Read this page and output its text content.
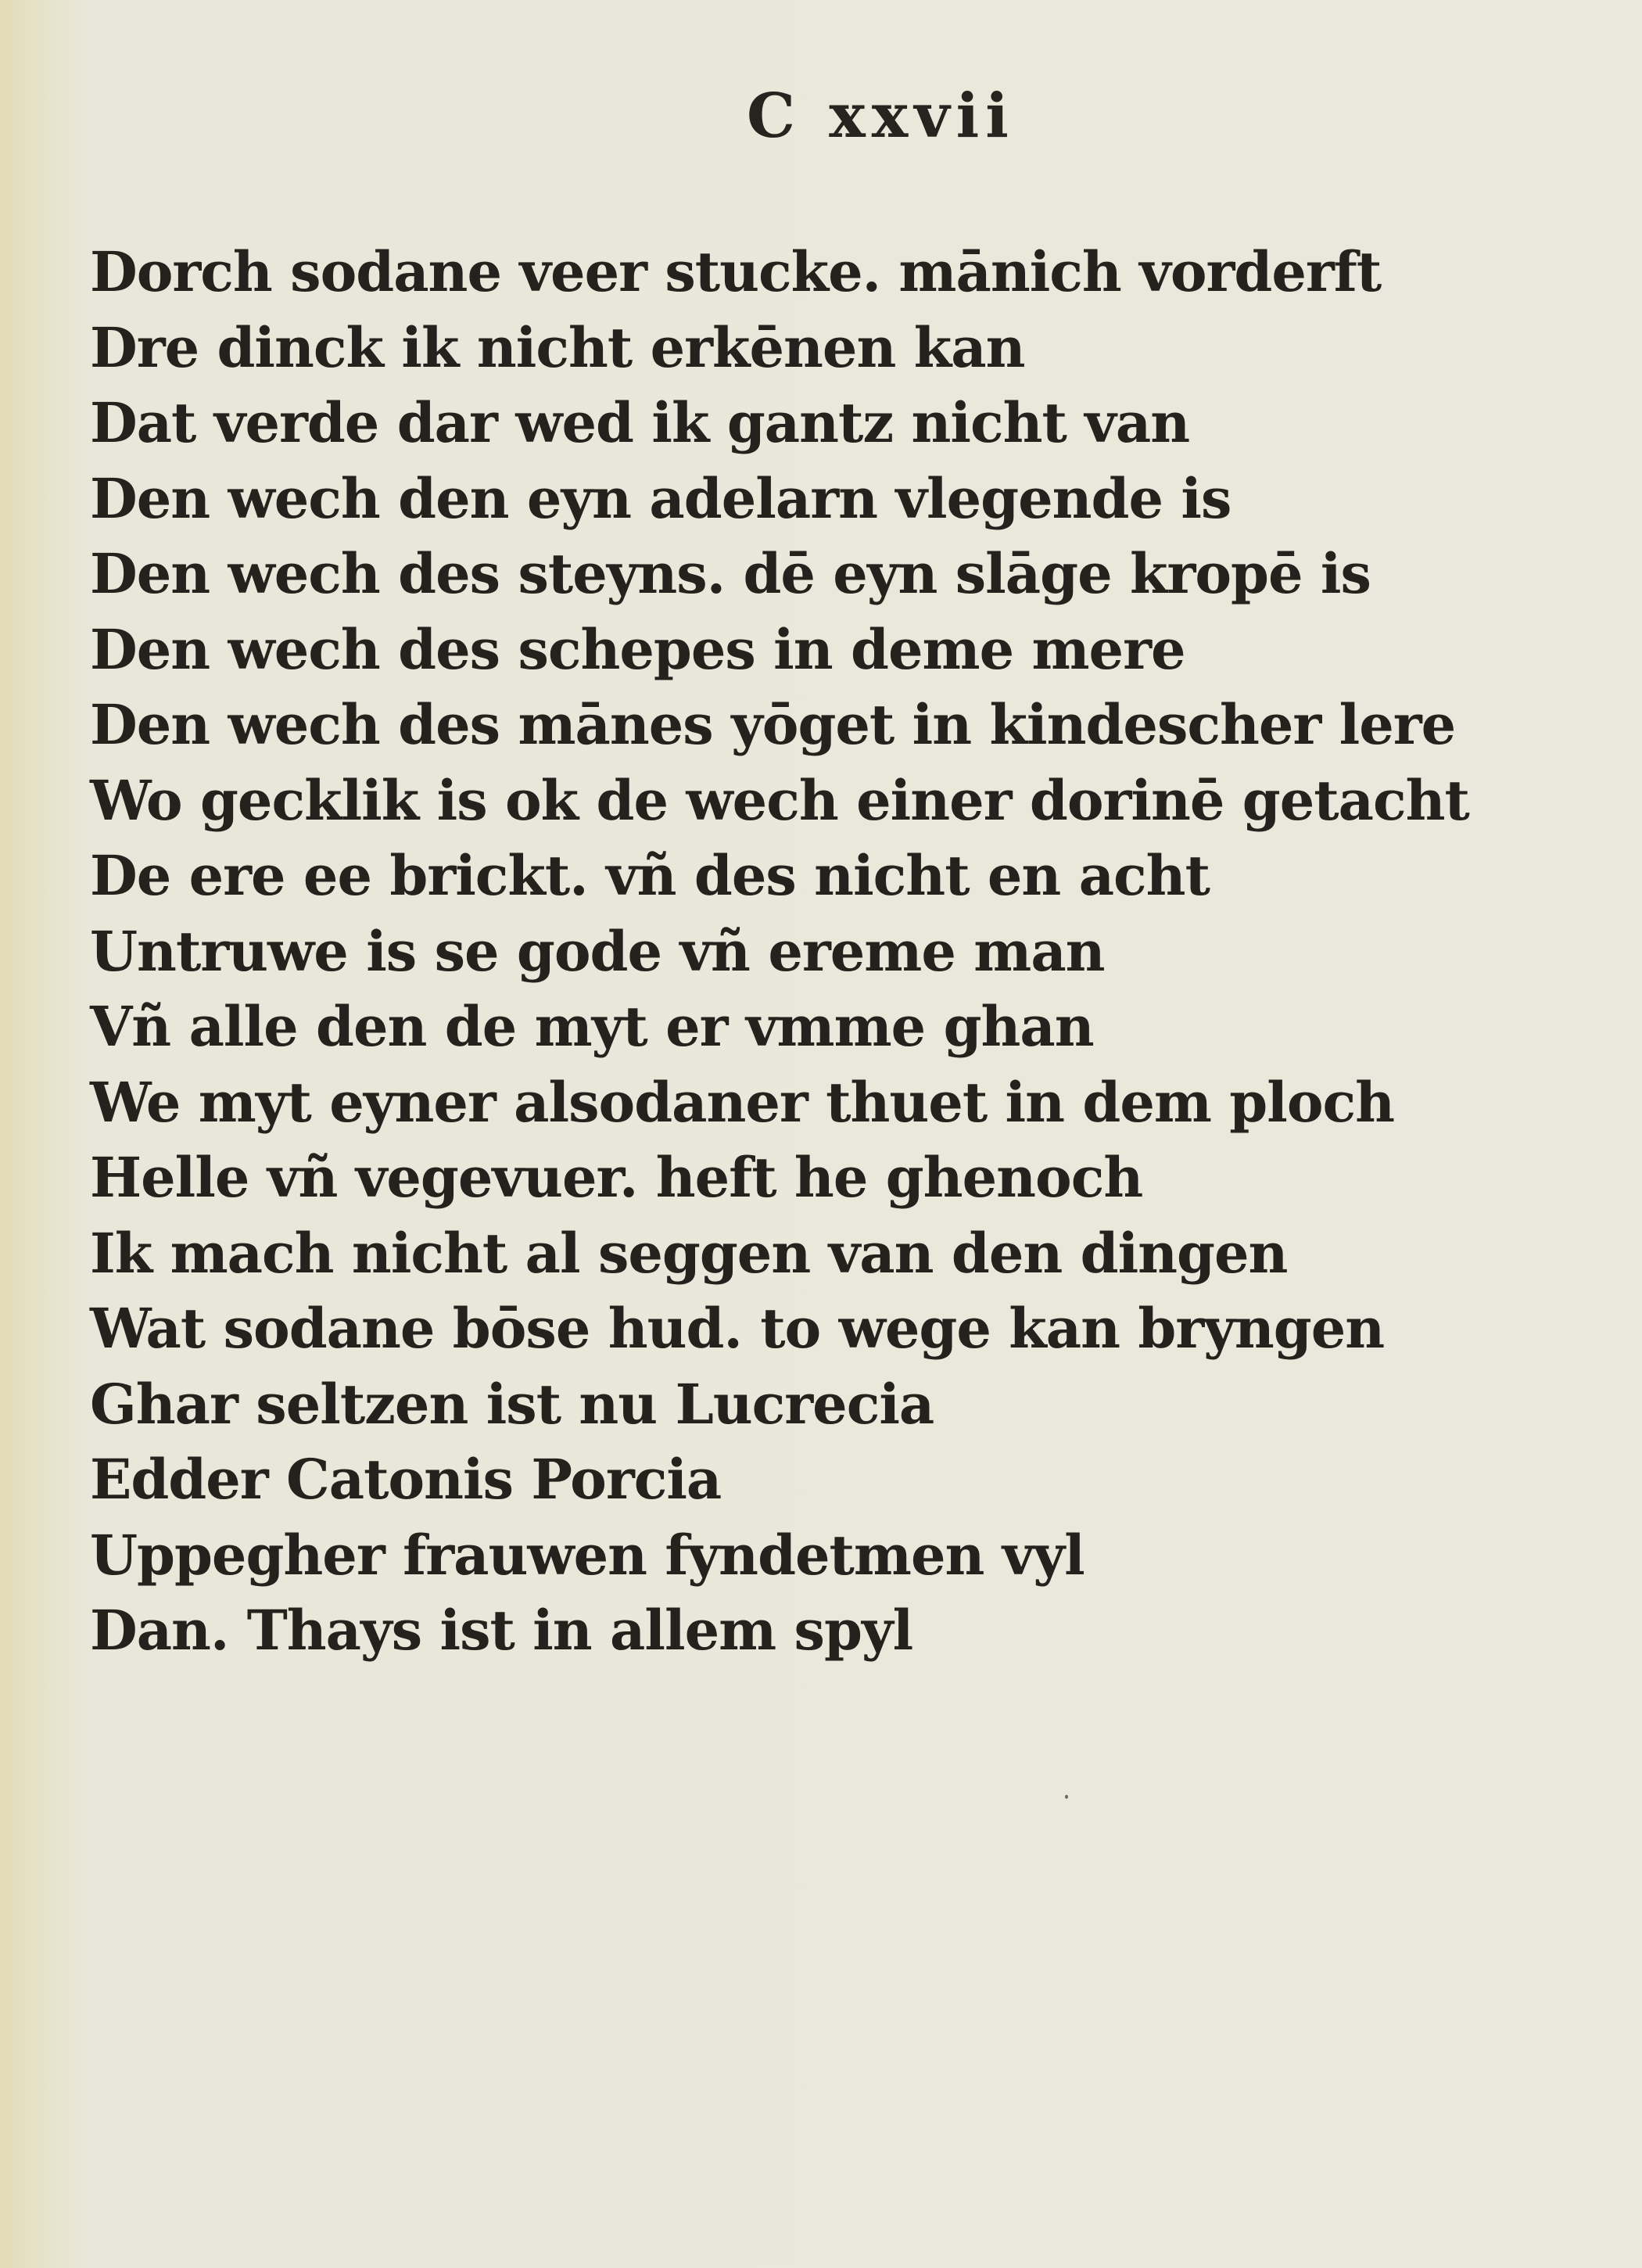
C xxvii
Dorch sodane veer stucke. mānich vorderft
Dre dinck ik nicht erkēnen kan
Dat verde dar wed ik gantz nicht van
Den wech den eyn adelarn vlegende is
Den wech des steyns. dē eyn slāge kropē is
Den wech des schepes in deme mere
Den wech des mānes yōget in kindescher lere
Wo gecklik is ok de wech einer dorinē getacht
De ere ee brickt. vñ des nicht en acht
Untruwe is se gode vñ ereme man
Vñ alle den de myt er vmme ghan
We myt eyner alsodaner thuet in dem ploch
Helle vñ vegevuer. heft he ghenoch
Ik mach nicht al seggen van den dingen
Wat sodane bōse hud. to wege kan bryngen
Ghar seltzen ist nu Lucrecia
Edder Catonis Porcia
Uppegher frauwen fyndetmen vyl
Dan. Thays ist in allem spyl
